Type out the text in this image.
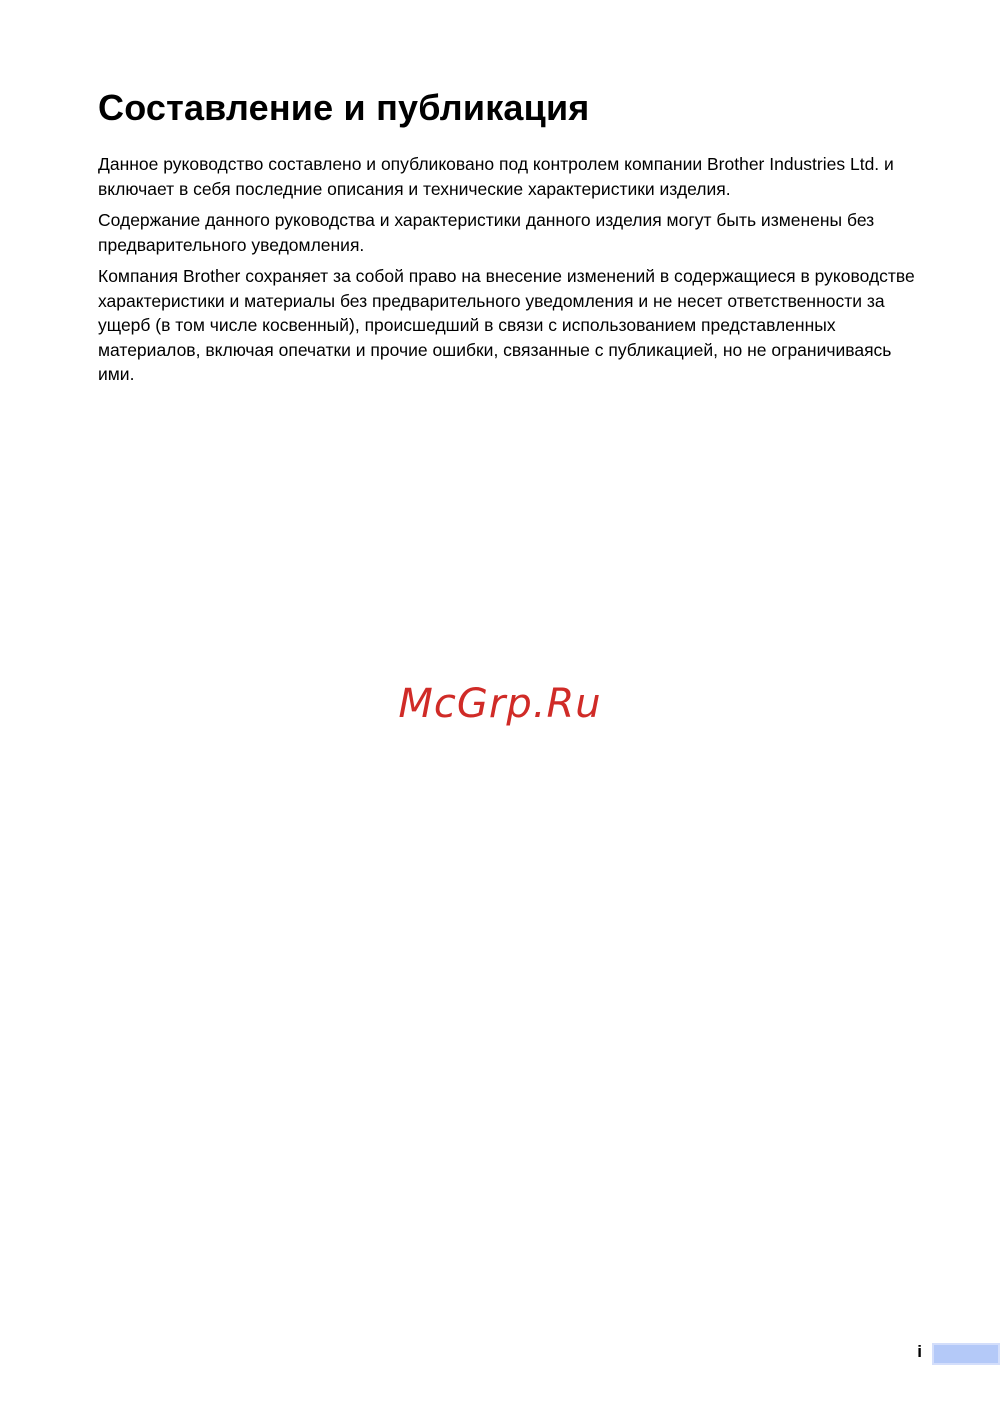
Составление и публикация

Данное руководство составлено и опубликовано под контролем компании Brother Industries Ltd. и включает в себя последние описания и технические характеристики изделия.

Содержание данного руководства и характеристики данного изделия могут быть изменены без предварительного уведомления.

Компания Brother сохраняет за собой право на внесение изменений в содержащиеся в руководстве характеристики и материалы без предварительного уведомления и не несет ответственности за ущерб (в том числе косвенный), происшедший в связи с использованием представленных материалов, включая опечатки и прочие ошибки, связанные с публикацией, но не ограничиваясь ими.

McGrp.Ru
i
